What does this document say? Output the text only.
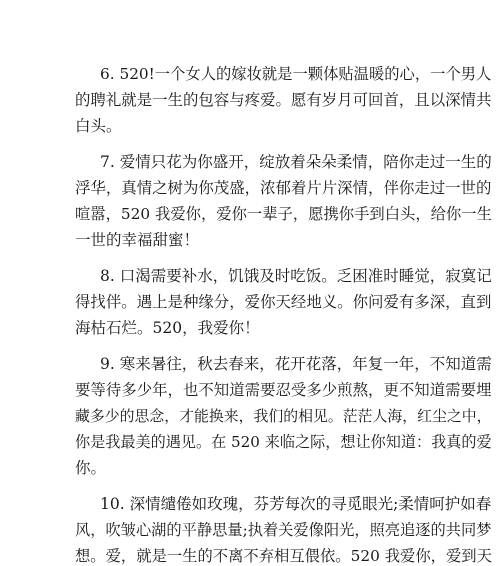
6. 520!一个女人的嫁妆就是一颗体贴温暖的心，一个男人
的聘礼就是一生的包容与疼爱。愿有岁月可回首，且以深情共
白头。
7. 爱情只花为你盛开，绽放着朵朵柔情，陪你走过一生的
浮华，真情之树为你茂盛，浓郁着片片深情，伴你走过一世的
喧嚣，520 我爱你，爱你一辈子，愿携你手到白头，给你一生
一世的幸福甜蜜！
8. 口渴需要补水，饥饿及时吃饭。乏困准时睡觉，寂寞记
得找伴。遇上是种缘分，爱你天经地义。你问爱有多深，直到
海枯石烂。520，我爱你！
9. 寒来暑往，秋去春来，花开花落，年复一年，不知道需
要等待多少年，也不知道需要忍受多少煎熬，更不知道需要埋
藏多少的思念，才能换来，我们的相见。茫茫人海，红尘之中，
你是我最美的遇见。在 520 来临之际，想让你知道：我真的爱
你。
10. 深情缱倦如玫瑰，芬芳每次的寻觅眼光;柔情呵护如春
风，吹皱心湖的平静思量;执着关爱像阳光，照亮追逐的共同梦
想。爱，就是一生的不离不弃相互偎依。520 我爱你，爱到天
